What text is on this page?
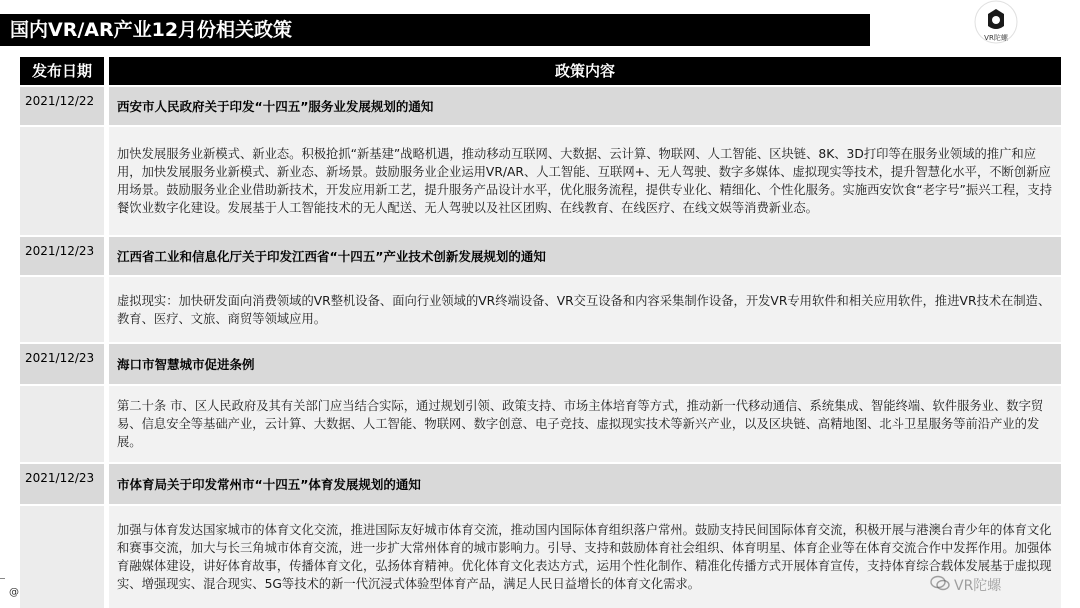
国内VR/AR产业12月份相关政策	VR陀螺
发布日期	政策内容
2021/12/22	西安市人民政府关于印发“十四五”服务业发展规划的通知
加快发展服务业新模式、新业态。积极抢抓“新基建”战略机遇，推动移动互联网、大数据、云计算、物联网、人工智能、区块链、8K、3D打印等在服务业领域的推广和应用，加快发展服务业新模式、新业态、新场景。鼓励服务业企业运用VR/AR、人工智能、互联网+、无人驾驶、数字多媒体、虚拟现实等技术，提升智慧化水平，不断创新应用场景。鼓励服务业企业借助新技术，开发应用新工艺，提升服务产品设计水平，优化服务流程，提供专业化、精细化、个性化服务。实施西安饮食“老字号”振兴工程，支持餐饮业数字化建设。发展基于人工智能技术的无人配送、无人驾驶以及社区团购、在线教育、在线医疗、在线文娱等消费新业态。
2021/12/23	江西省工业和信息化厅关于印发江西省“十四五”产业技术创新发展规划的通知
虚拟现实：加快研发面向消费领域的VR整机设备、面向行业领域的VR终端设备、VR交互设备和内容采集制作设备，开发VR专用软件和相关应用软件，推进VR技术在制造、教育、医疗、文旅、商贸等领域应用。
2021/12/23	海口市智慧城市促进条例
第二十条 市、区人民政府及其有关部门应当结合实际，通过规划引领、政策支持、市场主体培育等方式，推动新一代移动通信、系统集成、智能终端、软件服务业、数字贸易、信息安全等基础产业，云计算、大数据、人工智能、物联网、数字创意、电子竞技、虚拟现实技术等新兴产业，以及区块链、高精地图、北斗卫星服务等前沿产业的发展。
2021/12/23	市体育局关于印发常州市“十四五”体育发展规划的通知
加强与体育发达国家城市的体育文化交流，推进国际友好城市体育交流，推动国内国际体育组织落户常州。鼓励支持民间国际体育交流，积极开展与港澳台青少年的体育文化和赛事交流，加大与长三角城市体育交流，进一步扩大常州体育的城市影响力。引导、支持和鼓励体育社会组织、体育明星、体育企业等在体育交流合作中发挥作用。加强体育融媒体建设，讲好体育故事，传播体育文化，弘扬体育精神。优化体育文化表达方式，运用个性化制作、精准化传播方式开展体育宣传，支持体育综合载体发展基于虚拟现实、增强现实、混合现实、5G等技术的新一代沉浸式体验型体育产品，满足人民日益增长的体育文化需求。
@	VR陀螺
